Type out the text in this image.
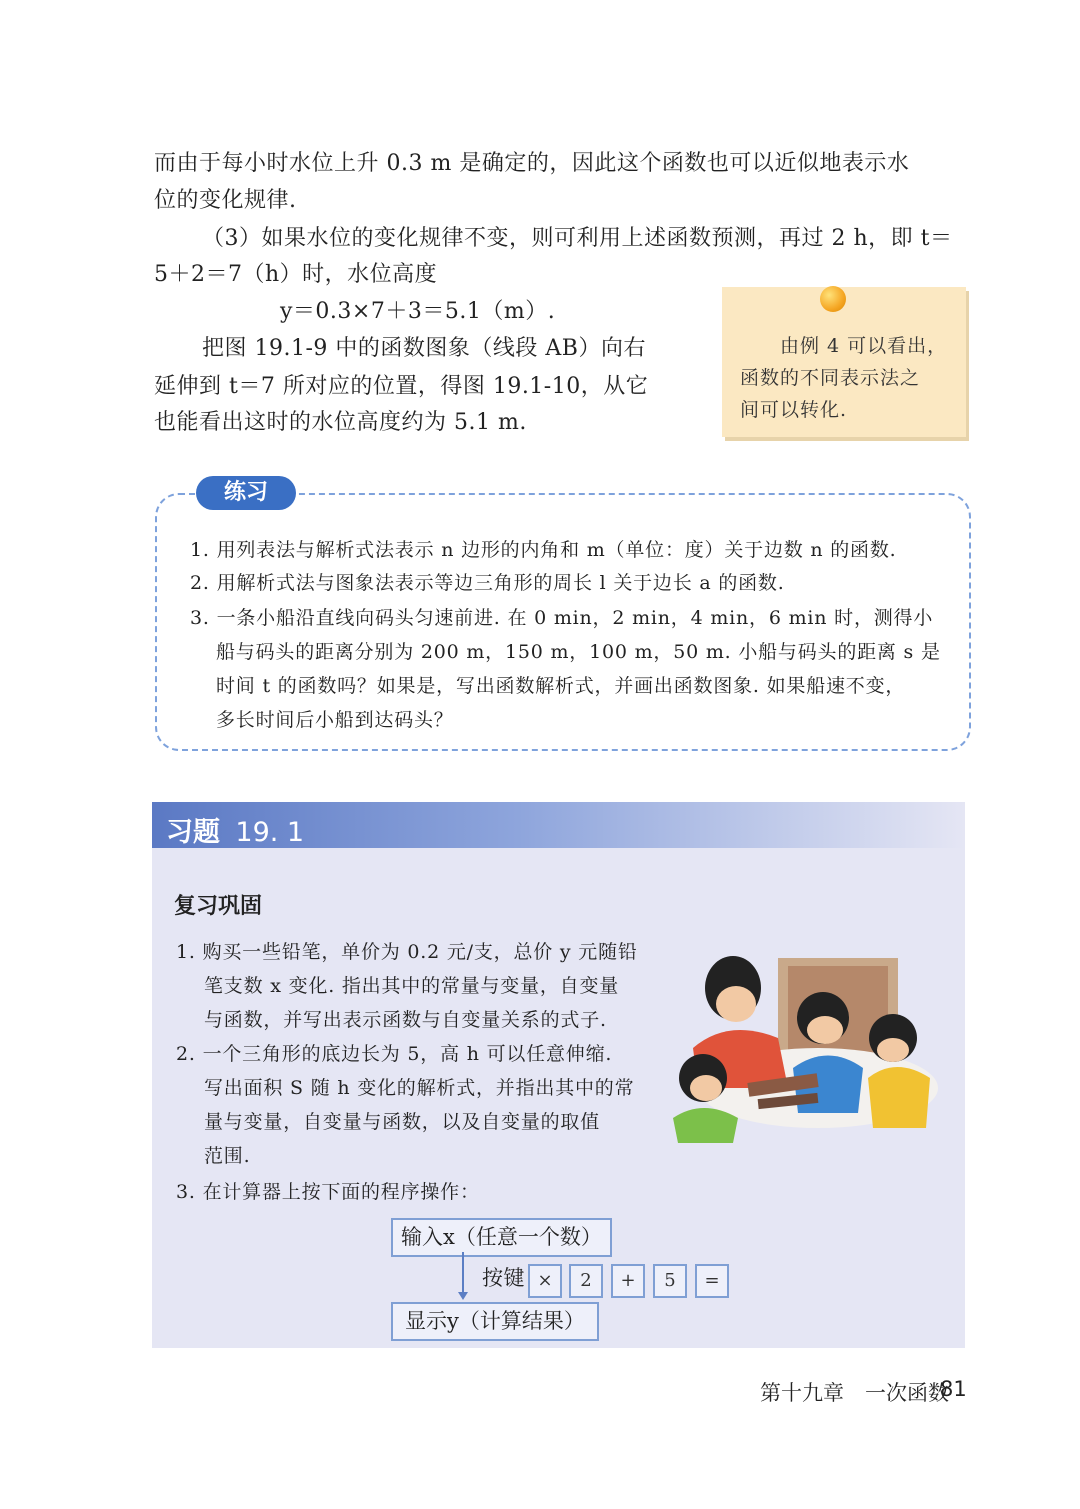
而由于每小时水位上升 0.3 m 是确定的，因此这个函数也可以近似地表示水
位的变化规律.
（3）如果水位的变化规律不变，则可利用上述函数预测，再过 2 h，即 t＝
5＋2＝7（h）时，水位高度
y＝0.3×7＋3＝5.1（m）.
把图 19.1-9 中的函数图象（线段 AB）向右
延伸到 t＝7 所对应的位置，得图 19.1-10，从它
也能看出这时的水位高度约为 5.1 m.
由例 4 可以看出，
函数的不同表示法之
间可以转化.
练习
1. 用列表法与解析式法表示 n 边形的内角和 m（单位：度）关于边数 n 的函数.
2. 用解析式法与图象法表示等边三角形的周长 l 关于边长 a 的函数.
3. 一条小船沿直线向码头匀速前进. 在 0 min，2 min，4 min，6 min 时，测得小
船与码头的距离分别为 200 m，150 m，100 m，50 m. 小船与码头的距离 s 是
时间 t 的函数吗？如果是，写出函数解析式，并画出函数图象. 如果船速不变，
多长时间后小船到达码头？
习题 19. 1
复习巩固
1. 购买一些铅笔，单价为 0.2 元/支，总价 y 元随铅
笔支数 x 变化. 指出其中的常量与变量，自变量
与函数，并写出表示函数与自变量关系的式子.
2. 一个三角形的底边长为 5，高 h 可以任意伸缩.
写出面积 S 随 h 变化的解析式，并指出其中的常
量与变量，自变量与函数，以及自变量的取值
范围.
3. 在计算器上按下面的程序操作：
输入x（任意一个数）
按键 ×	2	+	5	=
显示y（计算结果）
第十九章　一次函数
81
